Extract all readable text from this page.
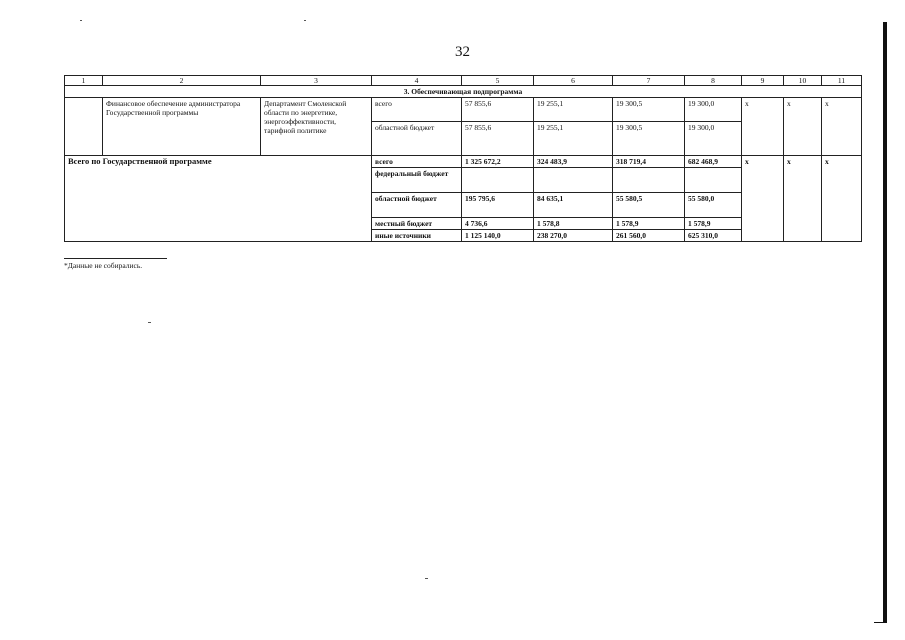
32
1	2	3	4	5	6	7	8	9	10	11
3. Обеспечивающая подпрограмма										
	Финансовое обеспечение администратора Государственной программы	Департамент Смоленской области по энергетике, энергоэффективности, тарифной политике	всего	57 855,6	19 255,1	19 300,5	19 300,0	x	x	x
			областной бюджет	57 855,6	19 255,1	19 300,5	19 300,0			
Всего по Государственной программе			всего	1 325 672,2	324 483,9	318 719,4	682 468,9	x	x	x
			федеральный бюджет							
			областной бюджет	195 795,6	84 635,1	55 580,5	55 580,0			
			местный бюджет	4 736,6	1 578,8	1 578,9	1 578,9			
			иные источники	1 125 140,0	238 270,0	261 560,0	625 310,0			
*Данные не собирались.
